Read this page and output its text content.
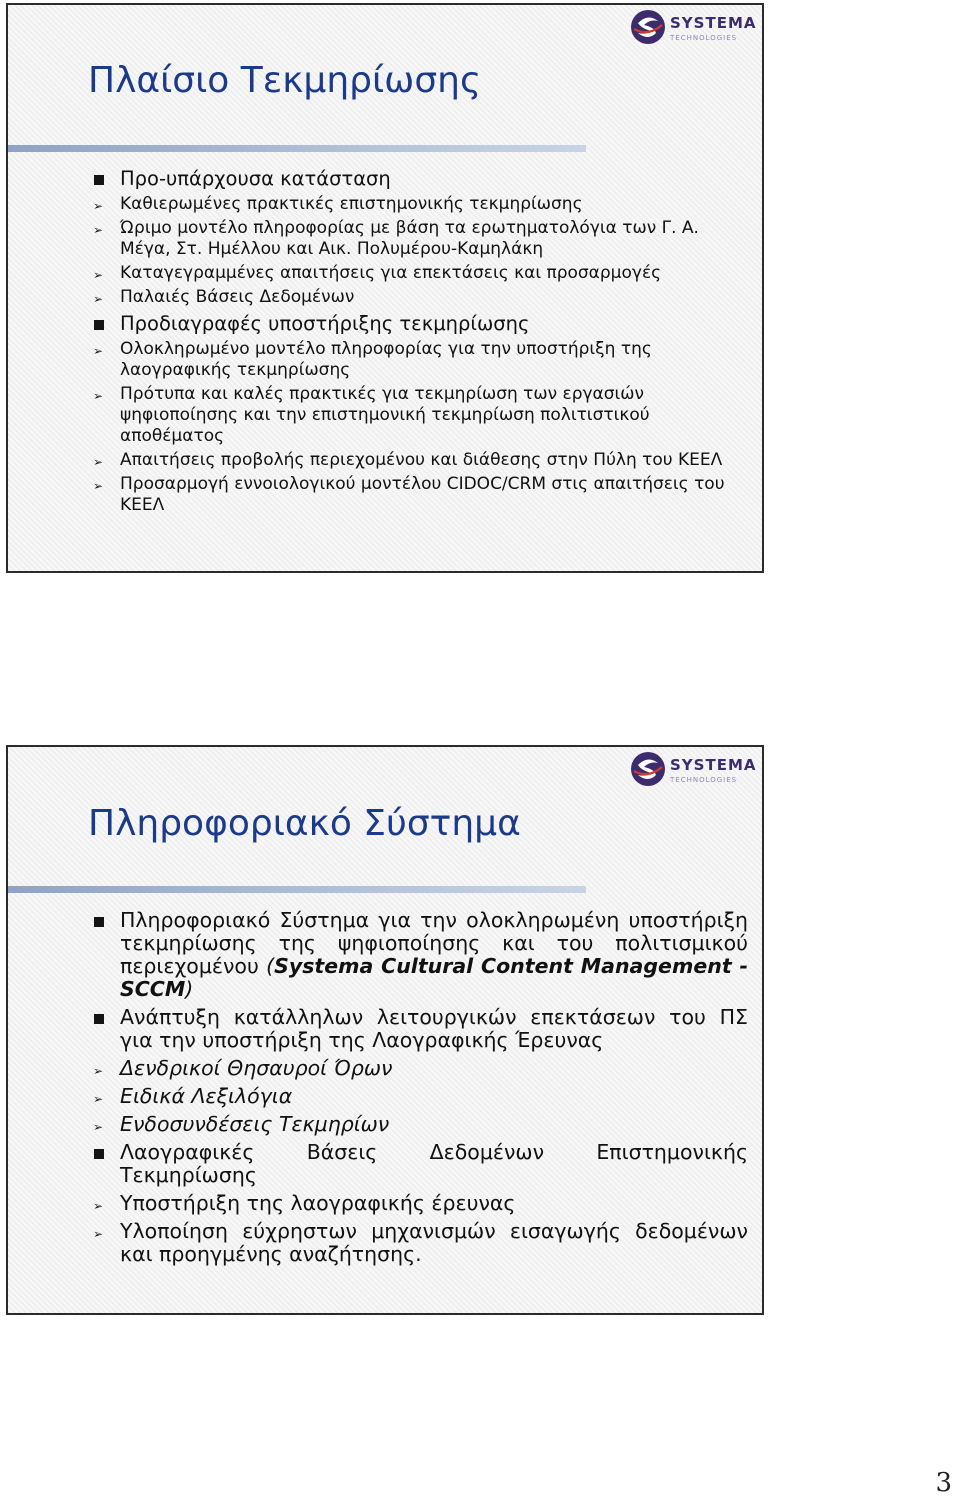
SYSTEMA
TECHNOLOGIES
Πλαίσιο Τεκμηρίωσης
Προ-υπάρχουσα κατάσταση
➢ Καθιερωμένες πρακτικές επιστημονικής τεκμηρίωσης
➢ Ώριμο μοντέλο πληροφορίας με βάση τα ερωτηματολόγια των Γ. Α. Μέγα, Στ. Ημέλλου και Αικ. Πολυμέρου-Καμηλάκη
➢ Καταγεγραμμένες απαιτήσεις για επεκτάσεις και προσαρμογές
➢ Παλαιές Βάσεις Δεδομένων
Προδιαγραφές υποστήριξης τεκμηρίωσης
➢ Ολοκληρωμένο μοντέλο πληροφορίας για την υποστήριξη της λαογραφικής τεκμηρίωσης
➢ Πρότυπα και καλές πρακτικές για τεκμηρίωση των εργασιών ψηφιοποίησης και την επιστημονική τεκμηρίωση πολιτιστικού αποθέματος
➢ Απαιτήσεις προβολής περιεχομένου και διάθεσης στην Πύλη του ΚΕΕΛ
➢ Προσαρμογή εννοιολογικού μοντέλου CIDOC/CRM στις απαιτήσεις του ΚΕΕΛ
SYSTEMA
TECHNOLOGIES
Πληροφοριακό Σύστημα
Πληροφοριακό Σύστημα για την ολοκληρωμένη υποστήριξη τεκμηρίωσης της ψηφιοποίησης και του πολιτισμικού περιεχομένου (Systema Cultural Content Management - SCCM)
Ανάπτυξη κατάλληλων λειτουργικών επεκτάσεων του ΠΣ για την υποστήριξη της Λαογραφικής Έρευνας
➢ Δενδρικοί Θησαυροί Όρων
➢ Ειδικά Λεξιλόγια
➢ Ενδοσυνδέσεις Τεκμηρίων
Λαογραφικές Βάσεις Δεδομένων Επιστημονικής Τεκμηρίωσης
➢ Υποστήριξη της λαογραφικής έρευνας
➢ Υλοποίηση εύχρηστων μηχανισμών εισαγωγής δεδομένων και προηγμένης αναζήτησης.
3
